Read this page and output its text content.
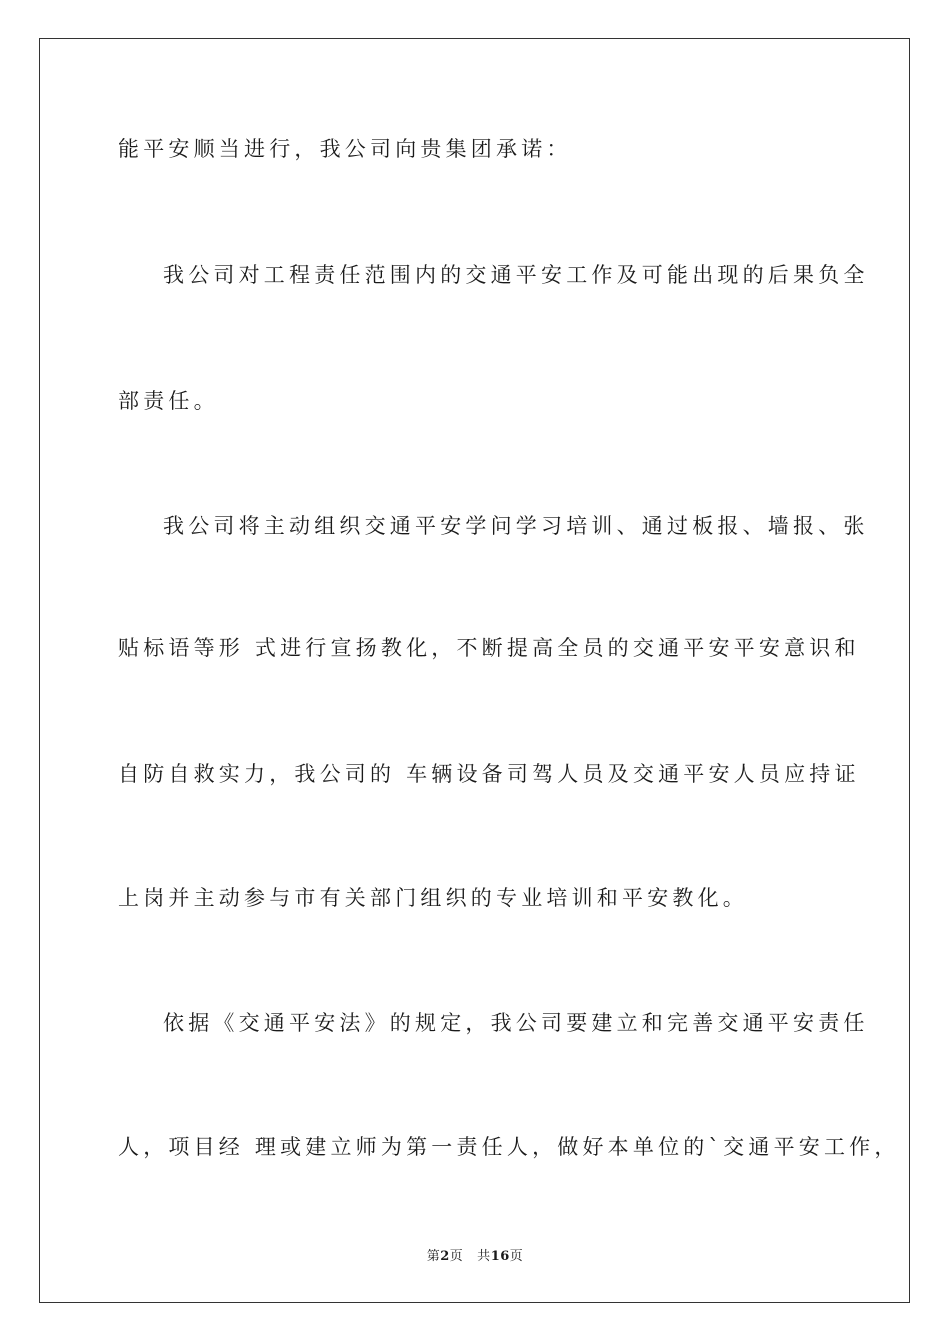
能平安顺当进行，我公司向贵集团承诺：

我公司对工程责任范围内的交通平安工作及可能出现的后果负全

部责任。

我公司将主动组织交通平安学问学习培训、通过板报、墙报、张

贴标语等形 式进行宣扬教化，不断提高全员的交通平安平安意识和

自防自救实力，我公司的 车辆设备司驾人员及交通平安人员应持证

上岗并主动参与市有关部门组织的专业培训和平安教化。

依据《交通平安法》的规定，我公司要建立和完善交通平安责任

人，项目经 理或建立师为第一责任人，做好本单位的`交通平安工作，

第2页 共16页
